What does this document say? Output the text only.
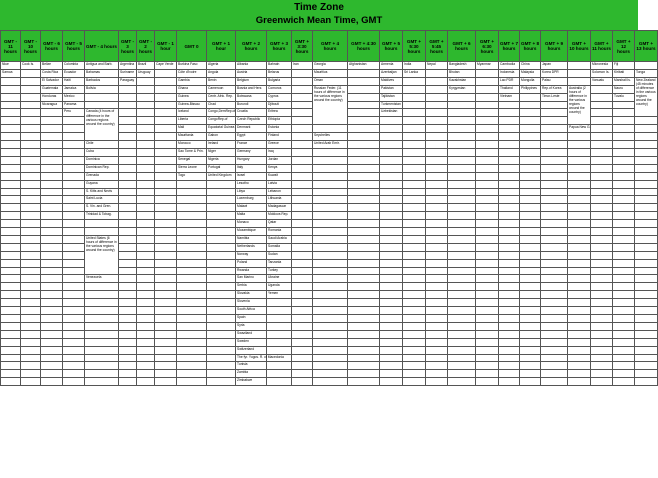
Time Zone
Greenwich Mean Time, GMT
GMT - 11 hours	GMT - 10 hours	GMT - 6 hours	GMT - 5 hours	GMT - 4 hours	GMT - 3 hours	GMT - 2 hours	GMT - 1 hour	GMT 0	GMT + 1 hour	GMT + 2 hours	GMT + 3 hours	GMT + 3:30 hours	GMT + 4 hours	GMT + 4:30 hours	GMT + 5 hours	GMT + 5:30 hours	GMT + 5:45 hours	GMT + 6 hours	GMT + 6:30 hours	GMT + 7 hours	GMT + 8 hours	GMT + 9 hours	GMT + 10 hours	GMT + 11 hours	GMT + 12 hours	GMT + 13 hours
Niue	Cook Is.	Belize	Colombia	Antigua and Barb.	Argentina	Brazil	Cape Verde	Burkina Faso	Algeria	Albania	Bahrain	Iran	Georgia	Afghanistan	Armenia	India	Nepal	Bangladesh	Myanmar	Cambodia	China	Japan		Micronesia	Fiji	
Samoa		Costa Rica	Ecuador	Bahamas	Suriname	Uruguay		Côte d'Ivoire	Angola	Austria	Belarus		Mauritius		Azerbaijan	Sri Lanka		Bhutan		Indonesia	Malaysia	Korea DPR		Solomon Is.	Kiribati	Tonga
		El Salvador	Haiti	Barbados	Paraguay			Gambia	Benin	Belgium	Bulgaria		Oman		Maldives			Kazakhstan		Lao PDR	Mongolia	Palau		Vanuatu	Marshall Is.	New Zealand (45 minutes of difference in the various regions around the country)
		Guatemala	Jamaica	Bolivia				Ghana	Cameroon	Bosnia and Herz.	Comoros		Russian Feder. (11 hours of difference in the various regions around the country)		Pakistan			Kyrgyzstan		Thailand	Philippines	Rep.of Korea	Australia (2 hours of difference in the various regions around the country)		Nauru	
		Honduras	Mexico					Guinea	Centr. Afric. Rep.	Botswana	Cyprus				Tajikistan					Vietnam		Timor-Leste			Tuvalu	
		Nicaragua	Panama					Guinea-Bissau	Chad	Burundi	Djibouti				Turkmenistan											
			Peru	Canada (4 hours of difference in the various regions around the country)				Iceland	Congo,DemRep.of	Croatia	Eritrea				Uzbekistan											
								Liberia	CongoRep.of	Czech Republic	Ethiopia															
								Mali	Equatorial Guinea	Denmark	Estonia												Papua New G.			
								Mauritania	Gabon	Egypt	Finland		Seychelles													
				Chile				Morocco	Ireland	France	Greece		United Arab Emir.													
				Cuba				Sao Tome & Prin.	Niger	Germany	Iraq															
				Dominica				Senegal	Nigeria	Hungary	Jordan															
				Dominican Rep.				Sierra Leone	Portugal	Italy	Kenya															
				Grenada				Togo	United Kingdom	Israel	Kuwait															
				Guyana						Lesotho	Latvia															
				S. Kitts and Nevis						Libya	Lebanon															
				Saint Lucia						Luxemburg	Lithuania															
				S. Vin. and Gren.						Malawi	Madagascar															
				Trinidad & Tobag.						Malta	Moldova Rep.															
										Monaco	Qatar															
										Mozambique	Romania															
				United States (6 hours of difference in the various regions around the country)						Namibia	Saudi Arabia															
										Netherlands	Somalia															
										Norway	Sudan															
										Poland	Tanzania															
										Rwanda	Turkey															
				Venezuela						San Marino	Ukraine															
										Serbia	Uganda															
										Slovakia	Yemen															
										Slovenia																
										South Africa																
										Spain																
										Syria																
										Swaziland																
										Sweden																
										Switzerland																
										The fyr. Yugos. R. of Macedonia																
										Tunisia																
										Zambia																
										Zimbabwe																
